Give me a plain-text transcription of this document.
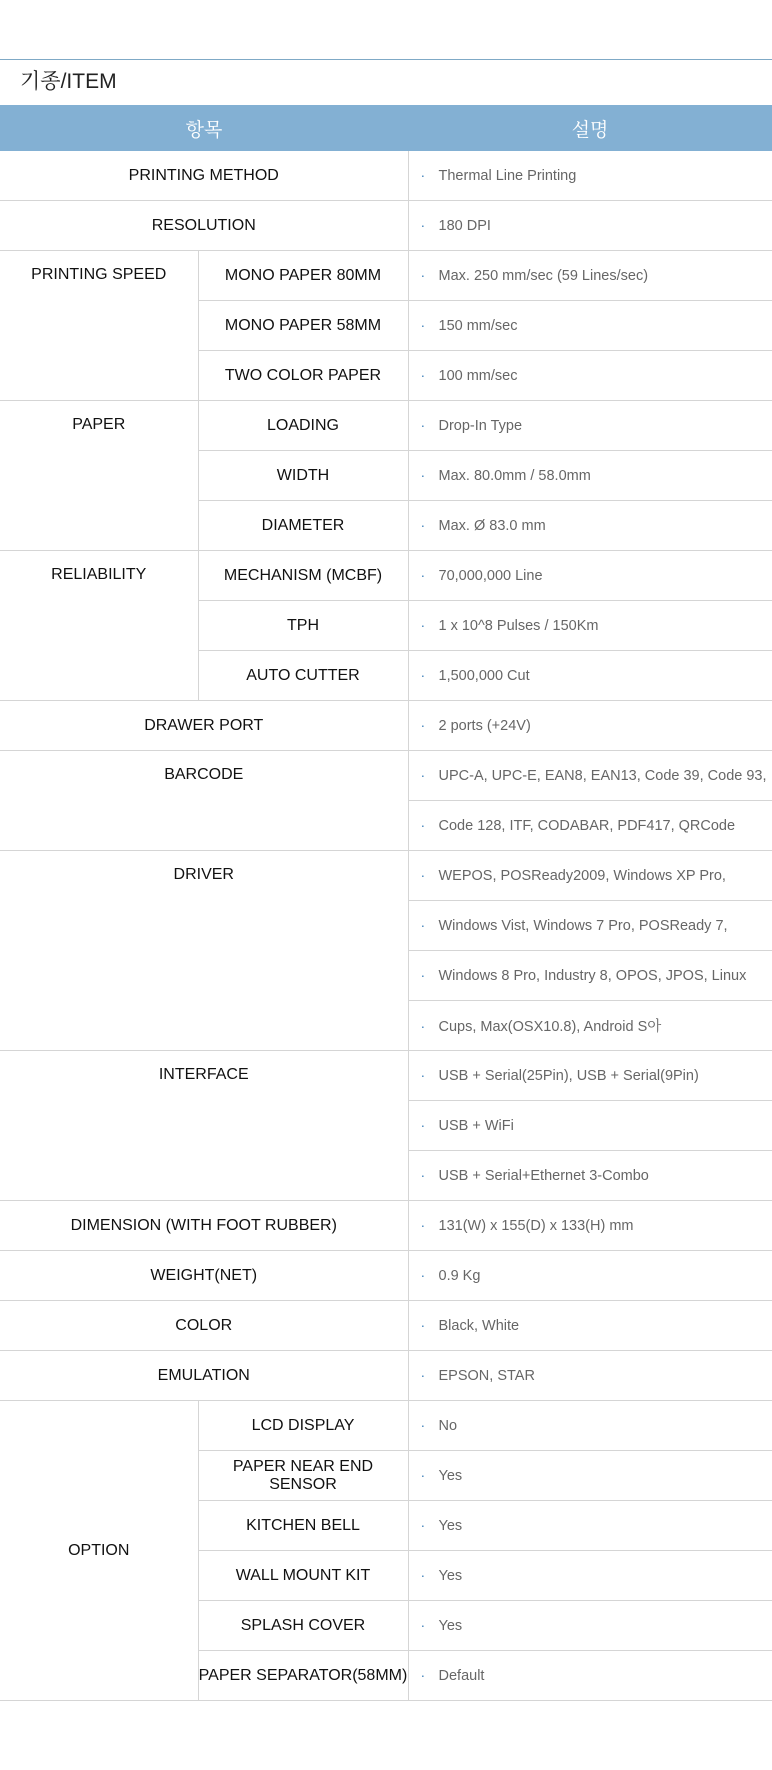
기종/ITEM
항목		설명
PRINTING METHOD		· Thermal Line Printing
RESOLUTION		· 180 DPI
PRINTING SPEED	MONO PAPER 80MM	· Max. 250 mm/sec (59 Lines/sec)
	MONO PAPER 58MM	· 150 mm/sec
	TWO COLOR PAPER	· 100 mm/sec
PAPER	LOADING	· Drop-In Type
	WIDTH	· Max. 80.0mm / 58.0mm
	DIAMETER	· Max. Ø 83.0 mm
RELIABILITY	MECHANISM (MCBF)	· 70,000,000 Line
	TPH	· 1 x 10^8 Pulses / 150Km
	AUTO CUTTER	· 1,500,000 Cut
DRAWER PORT		· 2 ports (+24V)
BARCODE		· UPC-A, UPC-E, EAN8, EAN13, Code 39, Code 93,
		· Code 128, ITF, CODABAR, PDF417, QRCode
DRIVER		· WEPOS, POSReady2009, Windows XP Pro,
		· Windows Vist, Windows 7 Pro, POSReady 7,
		· Windows 8 Pro, Industry 8, OPOS, JPOS, Linux
		· Cups, Max(OSX10.8), Android S아
INTERFACE		· USB + Serial(25Pin), USB + Serial(9Pin)
		· USB + WiFi
		· USB + Serial+Ethernet 3-Combo
DIMENSION (WITH FOOT RUBBER)		· 131(W) x 155(D) x 133(H) mm
WEIGHT(NET)		· 0.9 Kg
COLOR		· Black, White
EMULATION		· EPSON, STAR
OPTION	LCD DISPLAY	· No
	PAPER NEAR END SENSOR	· Yes
	KITCHEN BELL	· Yes
	WALL MOUNT KIT	· Yes
	SPLASH COVER	· Yes
	PAPER SEPARATOR(58MM)	· Default
